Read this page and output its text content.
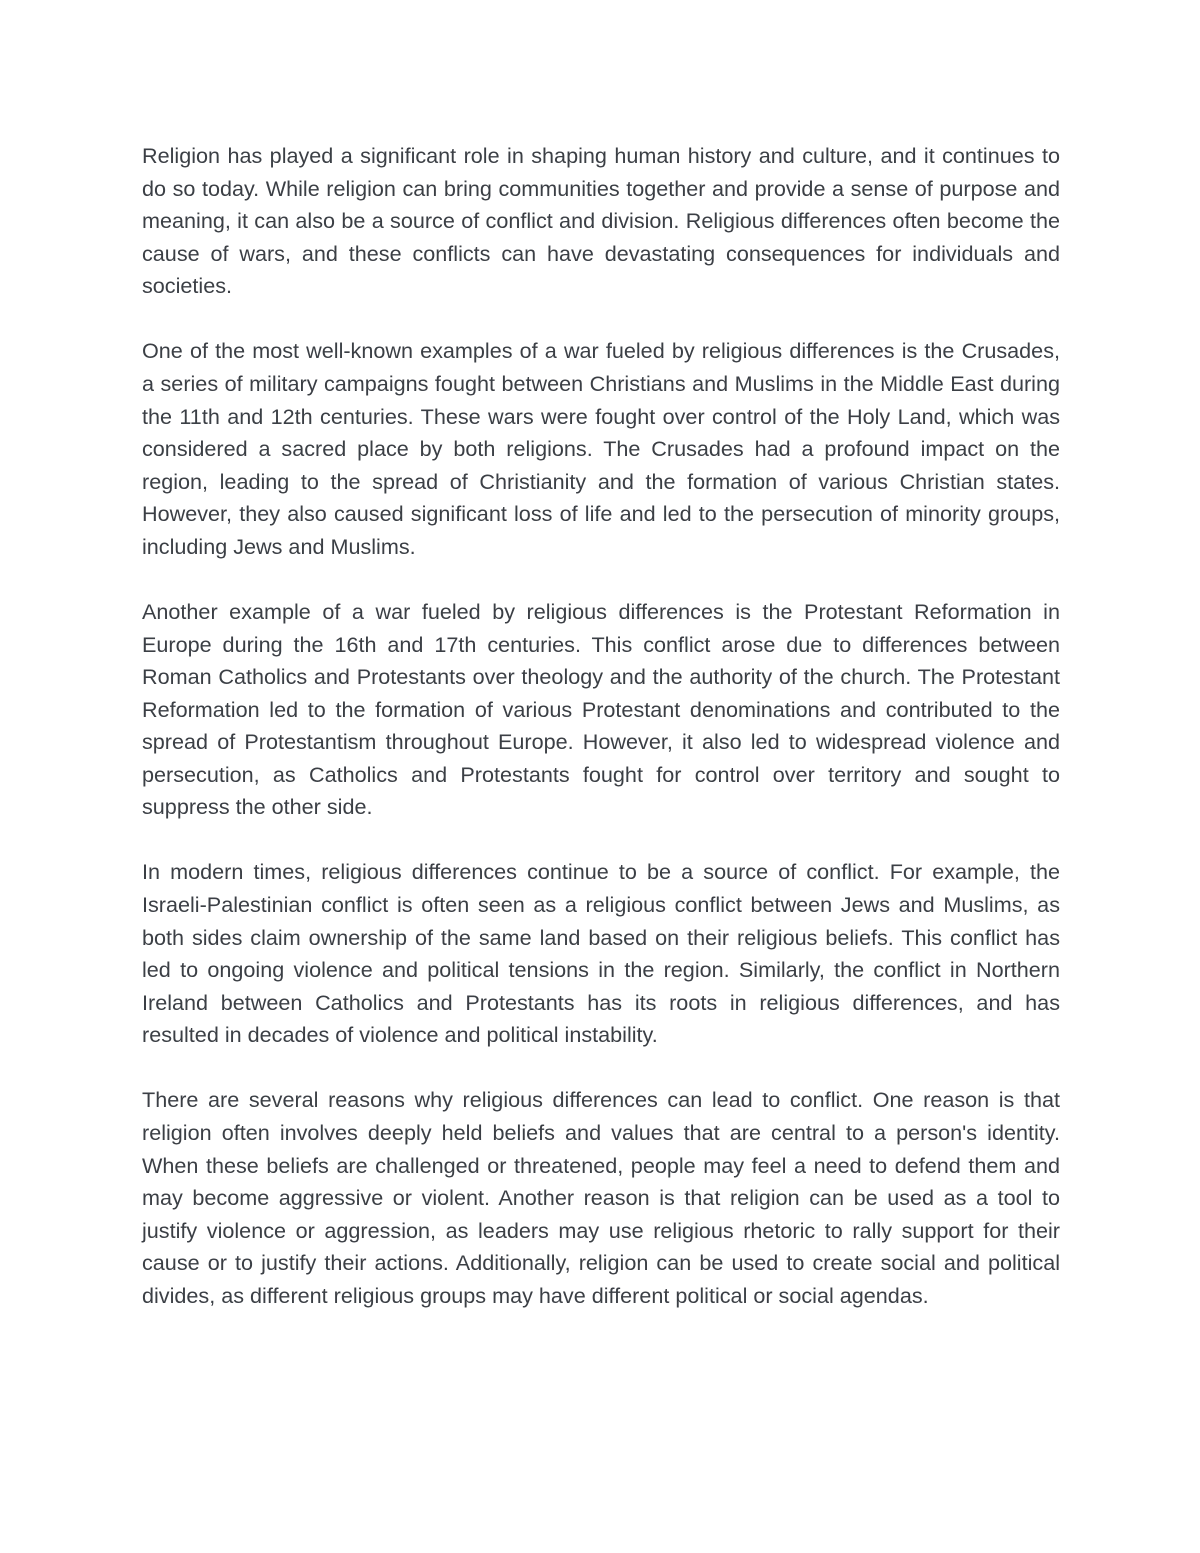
Religion has played a significant role in shaping human history and culture, and it continues to do so today. While religion can bring communities together and provide a sense of purpose and meaning, it can also be a source of conflict and division. Religious differences often become the cause of wars, and these conflicts can have devastating consequences for individuals and societies.

One of the most well-known examples of a war fueled by religious differences is the Crusades, a series of military campaigns fought between Christians and Muslims in the Middle East during the 11th and 12th centuries. These wars were fought over control of the Holy Land, which was considered a sacred place by both religions. The Crusades had a profound impact on the region, leading to the spread of Christianity and the formation of various Christian states. However, they also caused significant loss of life and led to the persecution of minority groups, including Jews and Muslims.

Another example of a war fueled by religious differences is the Protestant Reformation in Europe during the 16th and 17th centuries. This conflict arose due to differences between Roman Catholics and Protestants over theology and the authority of the church. The Protestant Reformation led to the formation of various Protestant denominations and contributed to the spread of Protestantism throughout Europe. However, it also led to widespread violence and persecution, as Catholics and Protestants fought for control over territory and sought to suppress the other side.

In modern times, religious differences continue to be a source of conflict. For example, the Israeli-Palestinian conflict is often seen as a religious conflict between Jews and Muslims, as both sides claim ownership of the same land based on their religious beliefs. This conflict has led to ongoing violence and political tensions in the region. Similarly, the conflict in Northern Ireland between Catholics and Protestants has its roots in religious differences, and has resulted in decades of violence and political instability.

There are several reasons why religious differences can lead to conflict. One reason is that religion often involves deeply held beliefs and values that are central to a person's identity. When these beliefs are challenged or threatened, people may feel a need to defend them and may become aggressive or violent. Another reason is that religion can be used as a tool to justify violence or aggression, as leaders may use religious rhetoric to rally support for their cause or to justify their actions. Additionally, religion can be used to create social and political divides, as different religious groups may have different political or social agendas.
